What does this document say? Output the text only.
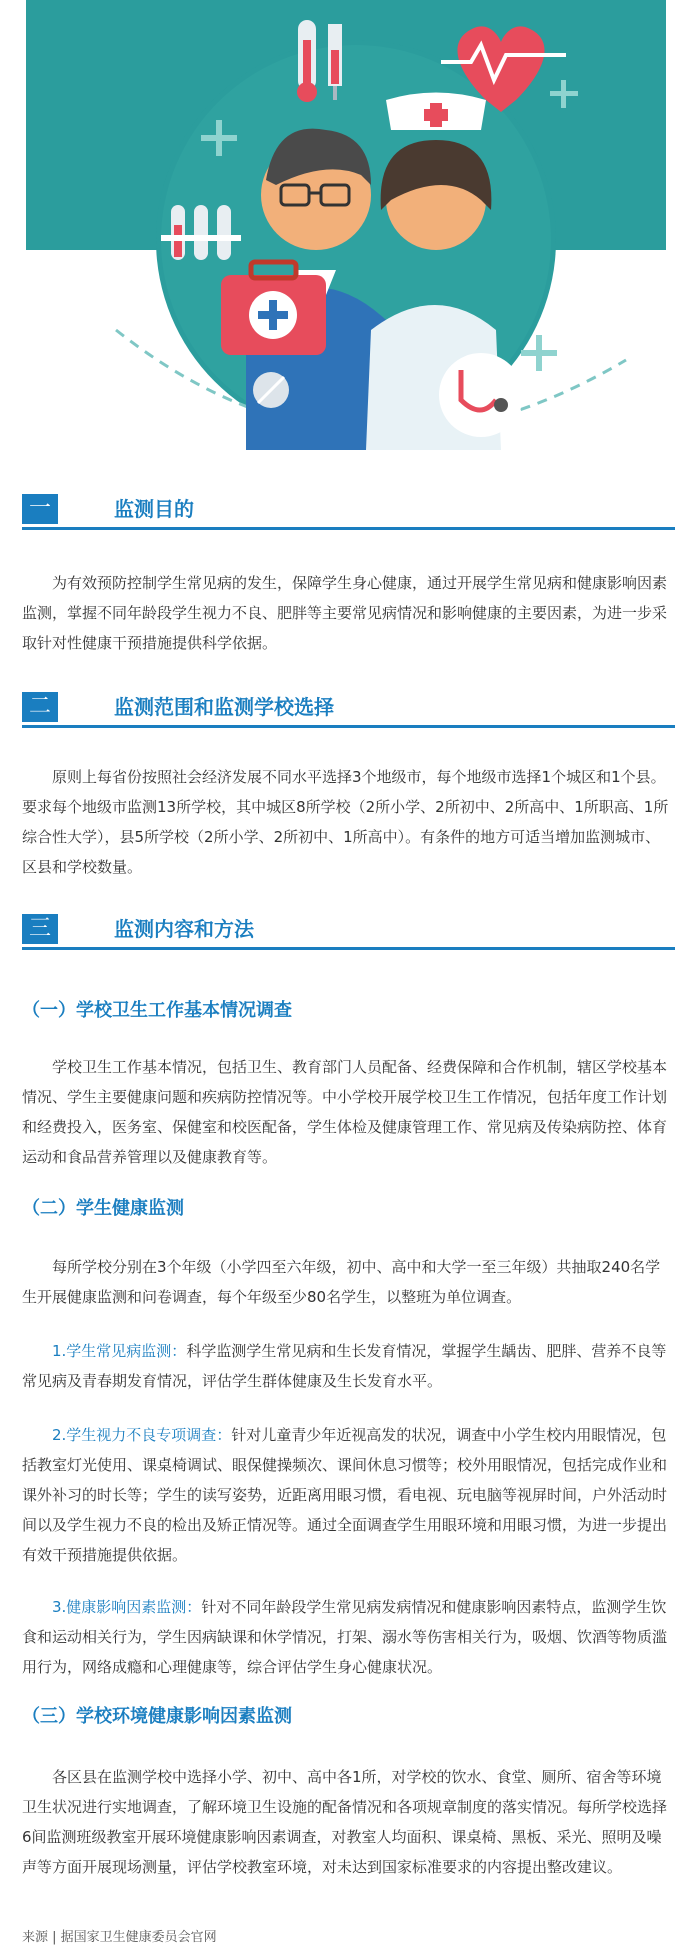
一	监测目的

为有效预防控制学生常见病的发生，保障学生身心健康，通过开展学生常见病和健康影响因素监测，掌握不同年龄段学生视力不良、肥胖等主要常见病情况和影响健康的主要因素，为进一步采取针对性健康干预措施提供科学依据。

二	监测范围和监测学校选择

原则上每省份按照社会经济发展不同水平选择3个地级市，每个地级市选择1个城区和1个县。要求每个地级市监测13所学校，其中城区8所学校（2所小学、2所初中、2所高中、1所职高、1所综合性大学），县5所学校（2所小学、2所初中、1所高中）。有条件的地方可适当增加监测城市、区县和学校数量。

三	监测内容和方法
（一）学校卫生工作基本情况调查

学校卫生工作基本情况，包括卫生、教育部门人员配备、经费保障和合作机制，辖区学校基本情况、学生主要健康问题和疾病防控情况等。中小学校开展学校卫生工作情况，包括年度工作计划和经费投入，医务室、保健室和校医配备，学生体检及健康管理工作、常见病及传染病防控、体育运动和食品营养管理以及健康教育等。

（二）学生健康监测

每所学校分别在3个年级（小学四至六年级，初中、高中和大学一至三年级）共抽取240名学生开展健康监测和问卷调查，每个年级至少80名学生，以整班为单位调查。

1.学生常见病监测：科学监测学生常见病和生长发育情况，掌握学生龋齿、肥胖、营养不良等常见病及青春期发育情况，评估学生群体健康及生长发育水平。

2.学生视力不良专项调查：针对儿童青少年近视高发的状况，调查中小学生校内用眼情况，包括教室灯光使用、课桌椅调试、眼保健操频次、课间休息习惯等；校外用眼情况，包括完成作业和课外补习的时长等；学生的读写姿势，近距离用眼习惯，看电视、玩电脑等视屏时间，户外活动时间以及学生视力不良的检出及矫正情况等。通过全面调查学生用眼环境和用眼习惯，为进一步提出有效干预措施提供依据。

3.健康影响因素监测：针对不同年龄段学生常见病发病情况和健康影响因素特点，监测学生饮食和运动相关行为，学生因病缺课和休学情况，打架、溺水等伤害相关行为，吸烟、饮酒等物质滥用行为，网络成瘾和心理健康等，综合评估学生身心健康状况。

（三）学校环境健康影响因素监测

各区县在监测学校中选择小学、初中、高中各1所，对学校的饮水、食堂、厕所、宿舍等环境卫生状况进行实地调查，了解环境卫生设施的配备情况和各项规章制度的落实情况。每所学校选择6间监测班级教室开展环境健康影响因素调查，对教室人均面积、课桌椅、黑板、采光、照明及噪声等方面开展现场测量，评估学校教室环境，对未达到国家标准要求的内容提出整改建议。

来源 | 据国家卫生健康委员会官网
